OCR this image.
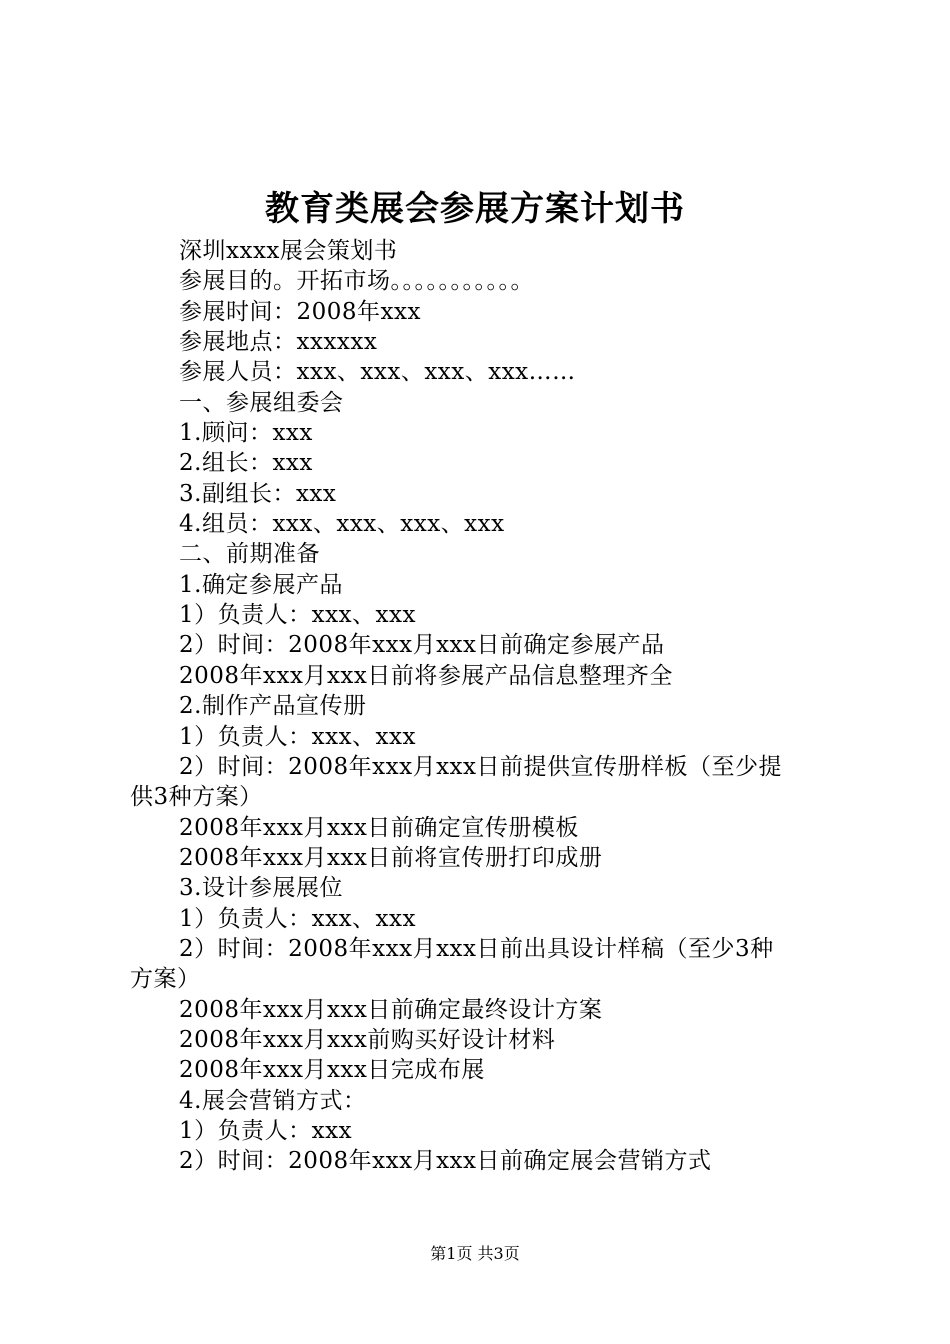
教育类展会参展方案计划书
深圳xxxx展会策划书
参展目的。开拓市场。。。。。。。。。。。
参展时间：2008年xxx
参展地点：xxxxxx
参展人员：xxx、xxx、xxx、xxx……
一、参展组委会
1.顾问：xxx
2.组长：xxx
3.副组长：xxx
4.组员：xxx、xxx、xxx、xxx
二、前期准备
1.确定参展产品
1）负责人：xxx、xxx
2）时间：2008年xxx月xxx日前确定参展产品
2008年xxx月xxx日前将参展产品信息整理齐全
2.制作产品宣传册
1）负责人：xxx、xxx
2）时间：2008年xxx月xxx日前提供宣传册样板（至少提
供3种方案）
2008年xxx月xxx日前确定宣传册模板
2008年xxx月xxx日前将宣传册打印成册
3.设计参展展位
1）负责人：xxx、xxx
2）时间：2008年xxx月xxx日前出具设计样稿（至少3种
方案）
2008年xxx月xxx日前确定最终设计方案
2008年xxx月xxx前购买好设计材料
2008年xxx月xxx日完成布展
4.展会营销方式：
1）负责人：xxx
2）时间：2008年xxx月xxx日前确定展会营销方式
第1页 共3页
